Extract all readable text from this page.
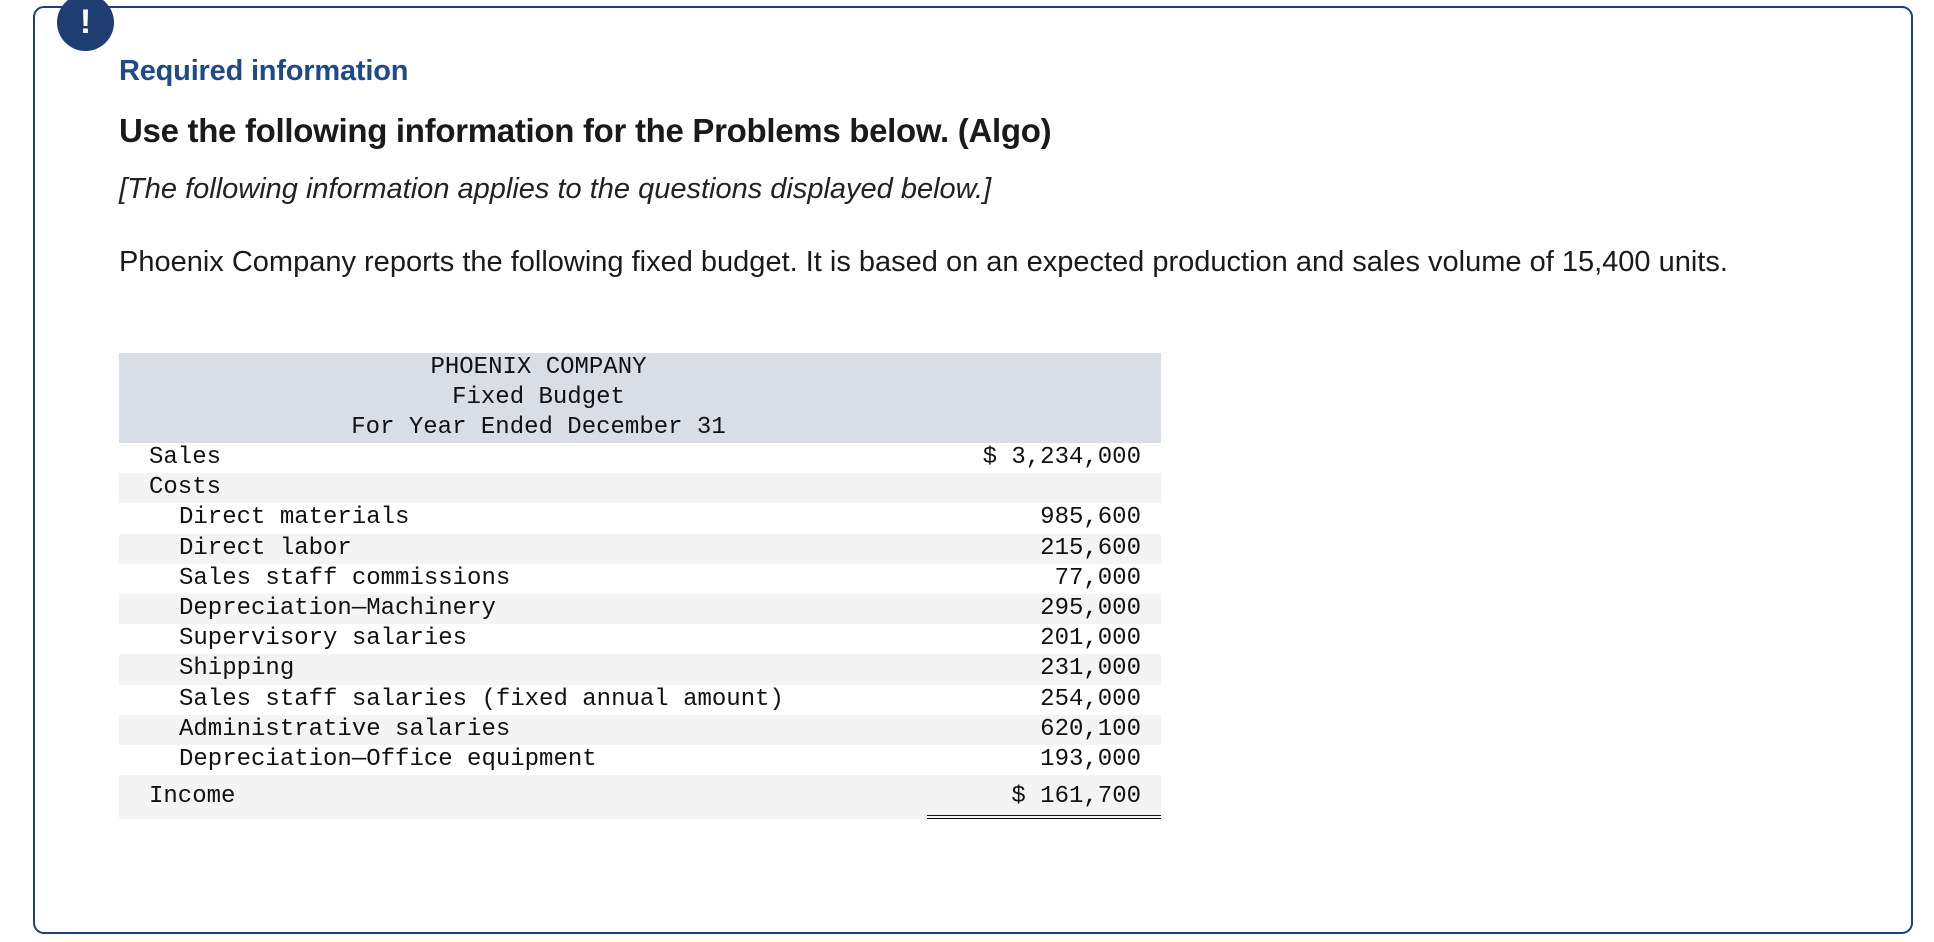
!
Required information
Use the following information for the Problems below. (Algo)
[The following information applies to the questions displayed below.]
Phoenix Company reports the following fixed budget. It is based on an expected production and sales volume of 15,400 units.
PHOENIX COMPANY
Fixed Budget
For Year Ended December 31
Sales	$ 3,234,000
Costs
Direct materials	985,600
Direct labor	215,600
Sales staff commissions	77,000
Depreciation—Machinery	295,000
Supervisory salaries	201,000
Shipping	231,000
Sales staff salaries (fixed annual amount)	254,000
Administrative salaries	620,100
Depreciation—Office equipment	193,000
Income	$ 161,700
